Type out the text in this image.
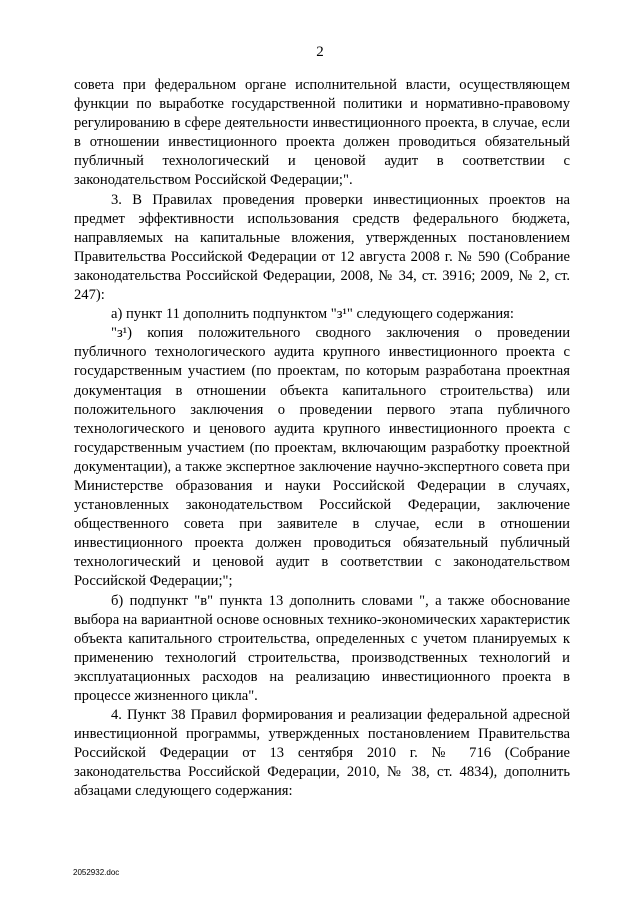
2

совета при федеральном органе исполнительной власти, осуществляющем функции по выработке государственной политики и нормативно-правовому регулированию в сфере деятельности инвестиционного проекта, в случае, если в отношении инвестиционного проекта должен проводиться обязательный публичный технологический и ценовой аудит в соответствии с законодательством Российской Федерации;".

3. В Правилах проведения проверки инвестиционных проектов на предмет эффективности использования средств федерального бюджета, направляемых на капитальные вложения, утвержденных постановлением Правительства Российской Федерации от 12 августа 2008 г. № 590 (Собрание законодательства Российской Федерации, 2008, № 34, ст. 3916; 2009, № 2, ст. 247):

а) пункт 11 дополнить подпунктом "з¹" следующего содержания:

"з¹) копия положительного сводного заключения о проведении публичного технологического аудита крупного инвестиционного проекта с государственным участием (по проектам, по которым разработана проектная документация в отношении объекта капитального строительства) или положительного заключения о проведении первого этапа публичного технологического и ценового аудита крупного инвестиционного проекта с государственным участием (по проектам, включающим разработку проектной документации), а также экспертное заключение научно-экспертного совета при Министерстве образования и науки Российской Федерации в случаях, установленных законодательством Российской Федерации, заключение общественного совета при заявителе в случае, если в отношении инвестиционного проекта должен проводиться обязательный публичный технологический и ценовой аудит в соответствии с законодательством Российской Федерации;";

б) подпункт "в" пункта 13 дополнить словами ", а также обоснование выбора на вариантной основе основных технико-экономических характеристик объекта капитального строительства, определенных с учетом планируемых к применению технологий строительства, производственных технологий и эксплуатационных расходов на реализацию инвестиционного проекта в процессе жизненного цикла".

4. Пункт 38 Правил формирования и реализации федеральной адресной инвестиционной программы, утвержденных постановлением Правительства Российской Федерации от 13 сентября 2010 г. № 716 (Собрание законодательства Российской Федерации, 2010, № 38, ст. 4834), дополнить абзацами следующего содержания:

2052932.doc
